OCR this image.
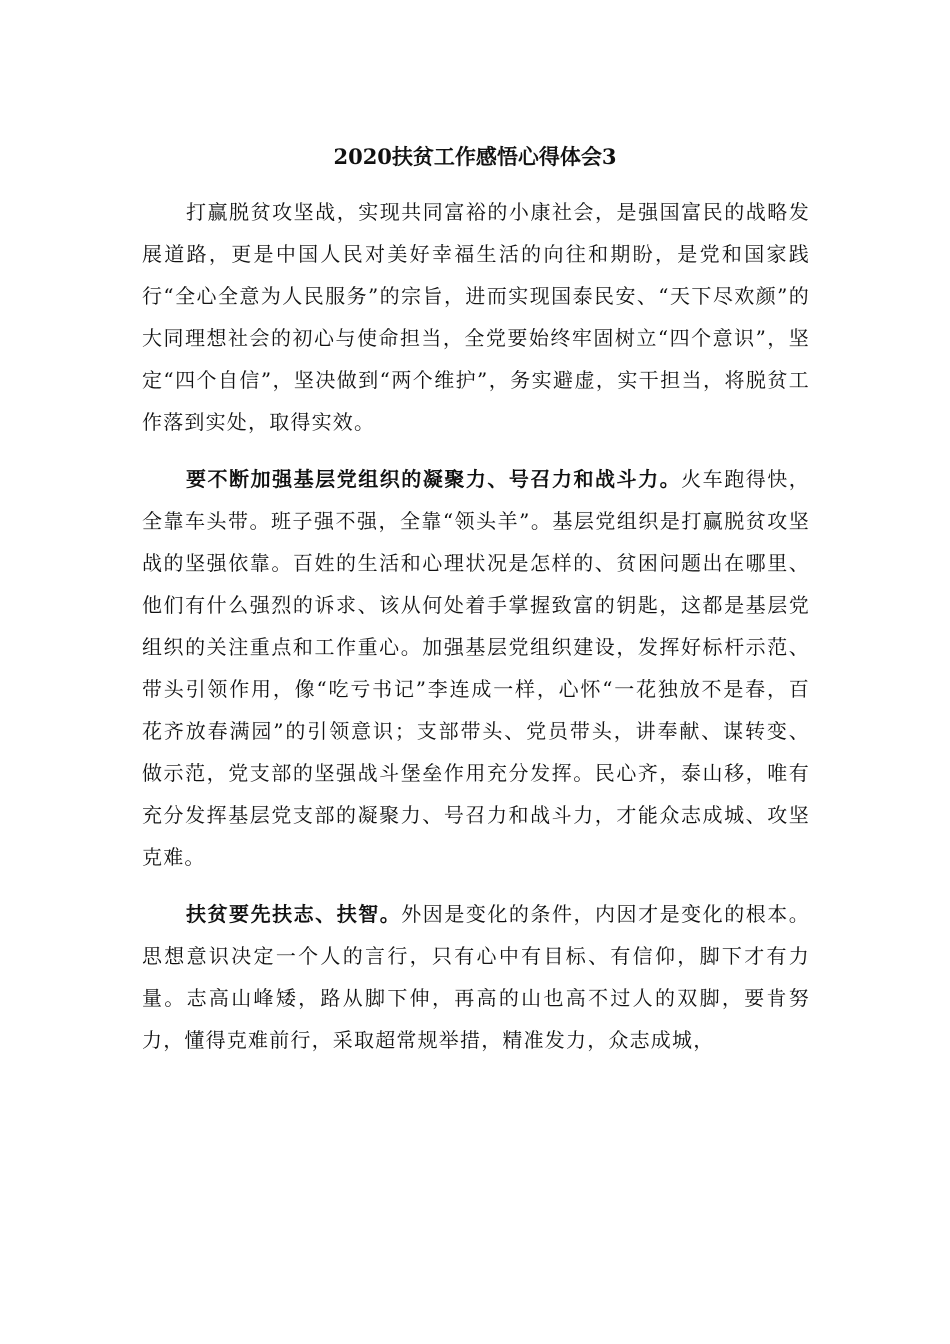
2020扶贫工作感悟心得体会3

打赢脱贫攻坚战，实现共同富裕的小康社会，是强国富民的战略发展道路，更是中国人民对美好幸福生活的向往和期盼，是党和国家践行“全心全意为人民服务”的宗旨，进而实现国泰民安、“天下尽欢颜”的大同理想社会的初心与使命担当，全党要始终牢固树立“四个意识”，坚定“四个自信”，坚决做到“两个维护”，务实避虚，实干担当，将脱贫工作落到实处，取得实效。

要不断加强基层党组织的凝聚力、号召力和战斗力。火车跑得快，全靠车头带。班子强不强，全靠“领头羊”。基层党组织是打赢脱贫攻坚战的坚强依靠。百姓的生活和心理状况是怎样的、贫困问题出在哪里、他们有什么强烈的诉求、该从何处着手掌握致富的钥匙，这都是基层党组织的关注重点和工作重心。加强基层党组织建设，发挥好标杆示范、带头引领作用，像“吃亏书记”李连成一样，心怀“一花独放不是春，百花齐放春满园”的引领意识；支部带头、党员带头，讲奉献、谋转变、做示范，党支部的坚强战斗堡垒作用充分发挥。民心齐，泰山移，唯有充分发挥基层党支部的凝聚力、号召力和战斗力，才能众志成城、攻坚克难。

扶贫要先扶志、扶智。外因是变化的条件，内因才是变化的根本。思想意识决定一个人的言行，只有心中有目标、有信仰，脚下才有力量。志高山峰矮，路从脚下伸，再高的山也高不过人的双脚，要肯努力，懂得克难前行，采取超常规举措，精准发力，众志成城，
